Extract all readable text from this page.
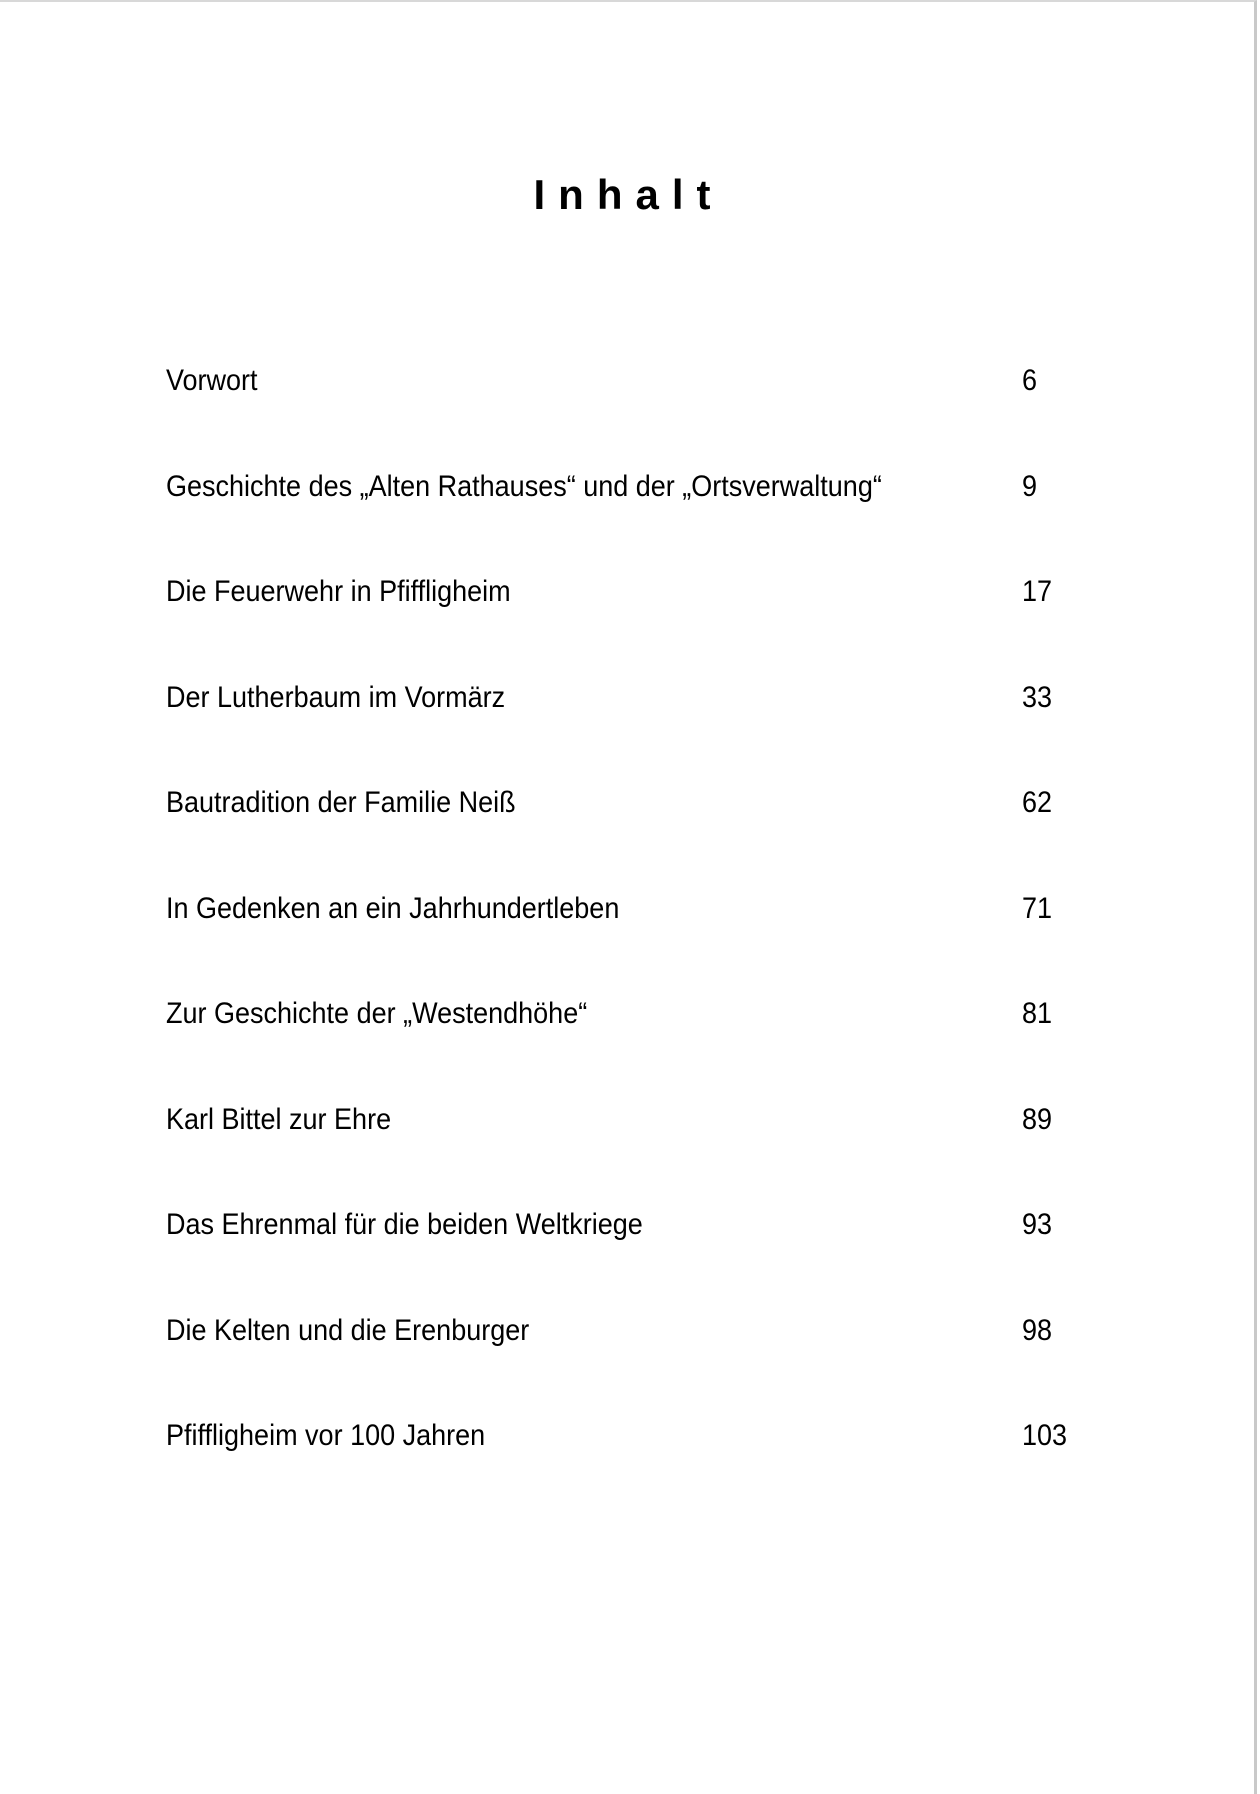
Inhalt
Vorwort	6
Geschichte des „Alten Rathauses“ und der „Ortsverwaltung“	9
Die Feuerwehr in Pfiffligheim	17
Der Lutherbaum im Vormärz	33
Bautradition der Familie Neiß	62
In Gedenken an ein Jahrhundertleben	71
Zur Geschichte der „Westendhöhe“	81
Karl Bittel zur Ehre	89
Das Ehrenmal für die beiden Weltkriege	93
Die Kelten und die Erenburger	98
Pfiffligheim vor 100 Jahren	103
